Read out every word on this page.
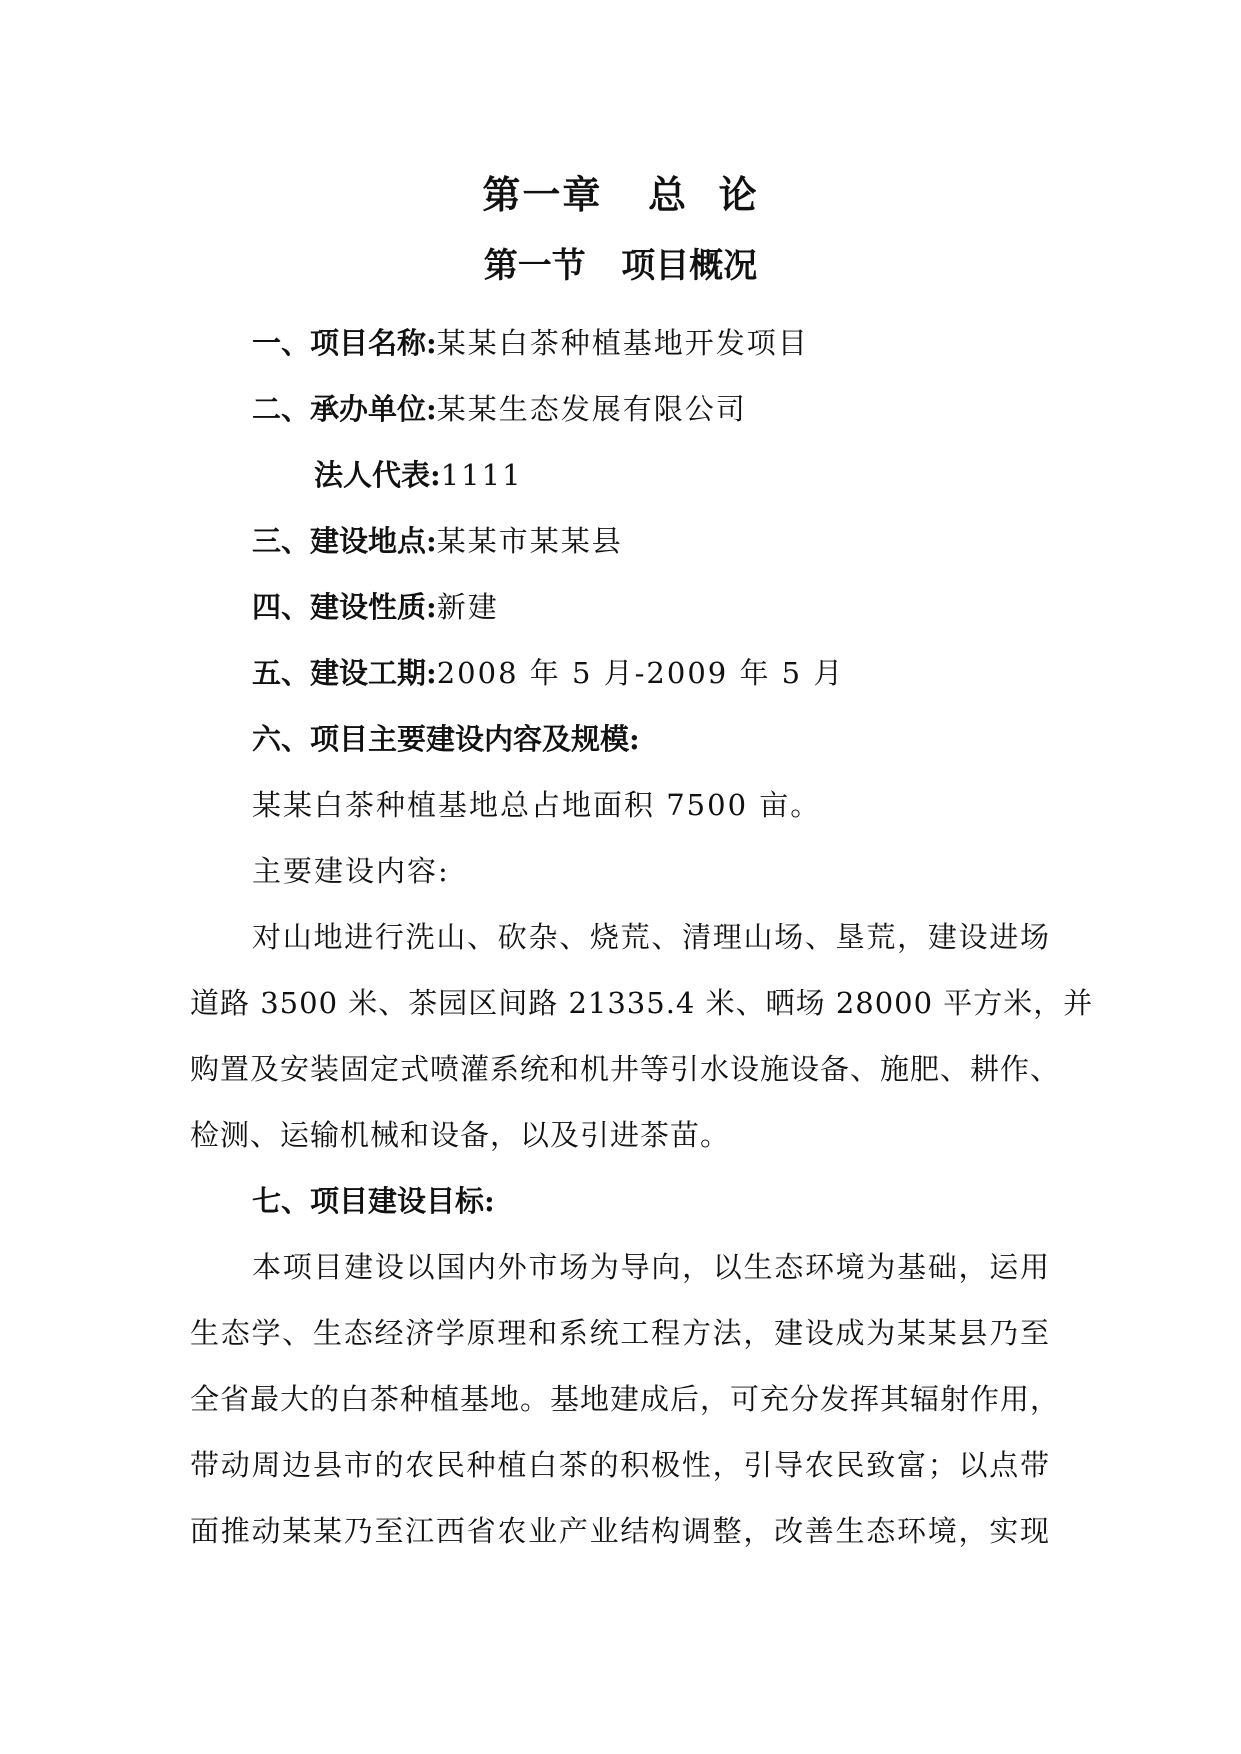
第一章   总  论
第一节   项目概况
一、项目名称:某某白茶种植基地开发项目
二、承办单位:某某生态发展有限公司
法人代表:1111
三、建设地点:某某市某某县
四、建设性质:新建
五、建设工期:2008 年 5 月-2009 年 5 月
六、项目主要建设内容及规模:
某某白茶种植基地总占地面积 7500 亩。
主要建设内容:
对山地进行洗山、砍杂、烧荒、清理山场、垦荒，建设进场
道路 3500 米、茶园区间路 21335.4 米、晒场 28000 平方米，并
购置及安装固定式喷灌系统和机井等引水设施设备、施肥、耕作、
检测、运输机械和设备，以及引进茶苗。
七、项目建设目标:
本项目建设以国内外市场为导向，以生态环境为基础，运用
生态学、生态经济学原理和系统工程方法，建设成为某某县乃至
全省最大的白茶种植基地。基地建成后，可充分发挥其辐射作用，
带动周边县市的农民种植白茶的积极性，引导农民致富；以点带
面推动某某乃至江西省农业产业结构调整，改善生态环境，实现
